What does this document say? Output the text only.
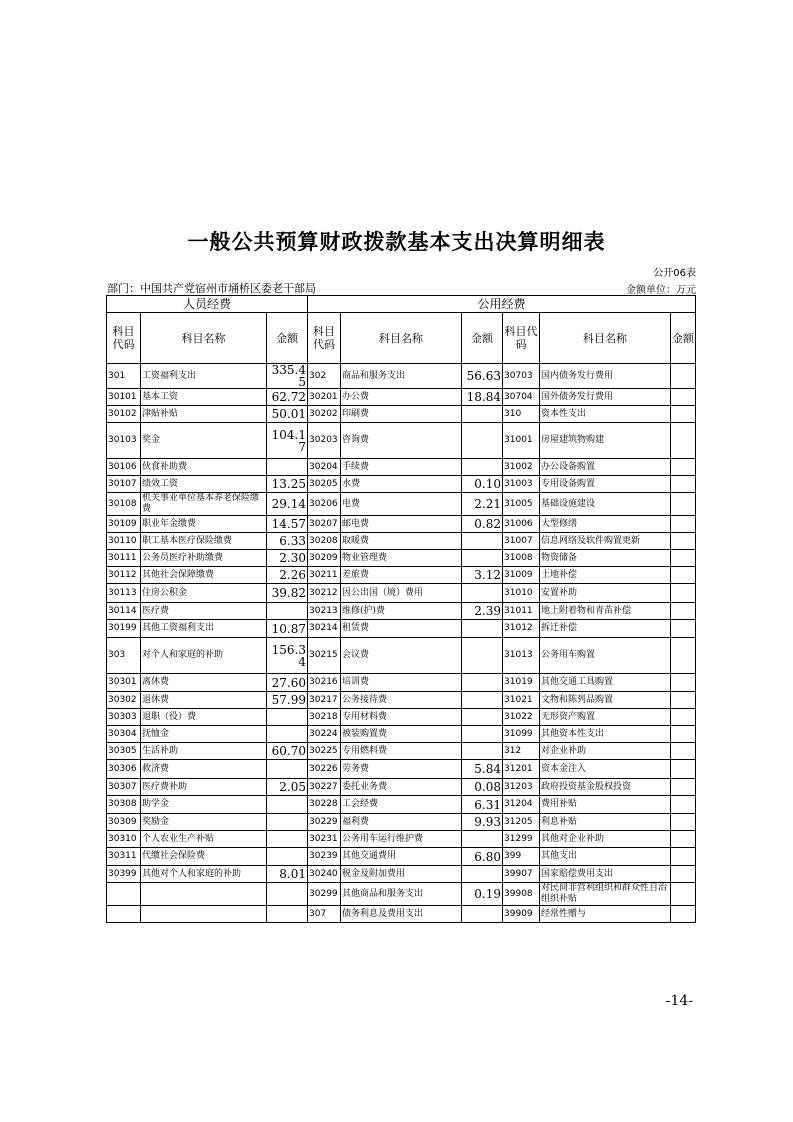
一般公共预算财政拨款基本支出决算明细表
公开06表
部门：中国共产党宿州市埇桥区委老干部局	金额单位：万元
人员经费			公用经费					
科目代码	科目名称	金额	科目代码	科目名称	金额	科目代码	科目名称	金额
301	工资福利支出	335.45	302	商品和服务支出	56.63	30703	国内债务发行费用	
30101	基本工资	62.72	30201	办公费	18.84	30704	国外债务发行费用	
30102	津贴补贴	50.01	30202	印刷费		310	资本性支出	
30103	奖金	104.17	30203	咨询费		31001	房屋建筑物购建	
30106	伙食补助费		30204	手续费		31002	办公设备购置	
30107	绩效工资	13.25	30205	水费	0.10	31003	专用设备购置	
30108	机关事业单位基本养老保险缴费	29.14	30206	电费	2.21	31005	基础设施建设	
30109	职业年金缴费	14.57	30207	邮电费	0.82	31006	大型修缮	
30110	职工基本医疗保险缴费	6.33	30208	取暖费		31007	信息网络及软件购置更新	
30111	公务员医疗补助缴费	2.30	30209	物业管理费		31008	物资储备	
30112	其他社会保障缴费	2.26	30211	差旅费	3.12	31009	土地补偿	
30113	住房公积金	39.82	30212	因公出国（境）费用		31010	安置补助	
30114	医疗费		30213	维修(护)费	2.39	31011	地上附着物和青苗补偿	
30199	其他工资福利支出	10.87	30214	租赁费		31012	拆迁补偿	
303	对个人和家庭的补助	156.34	30215	会议费		31013	公务用车购置	
30301	离休费	27.60	30216	培训费		31019	其他交通工具购置	
30302	退休费	57.99	30217	公务接待费		31021	文物和陈列品购置	
30303	退职（役）费		30218	专用材料费		31022	无形资产购置	
30304	抚恤金		30224	被装购置费		31099	其他资本性支出	
30305	生活补助	60.70	30225	专用燃料费		312	对企业补助	
30306	救济费		30226	劳务费	5.84	31201	资本金注入	
30307	医疗费补助	2.05	30227	委托业务费	0.08	31203	政府投资基金股权投资	
30308	助学金		30228	工会经费	6.31	31204	费用补贴	
30309	奖励金		30229	福利费	9.93	31205	利息补贴	
30310	个人农业生产补贴		30231	公务用车运行维护费		31299	其他对企业补助	
30311	代缴社会保险费		30239	其他交通费用	6.80	399	其他支出	
30399	其他对个人和家庭的补助	8.01	30240	税金及附加费用		39907	国家赔偿费用支出	
			30299	其他商品和服务支出	0.19	39908	对民间非营利组织和群众性自治组织补贴	
			307	债务利息及费用支出		39909	经常性赠与	
-14-
